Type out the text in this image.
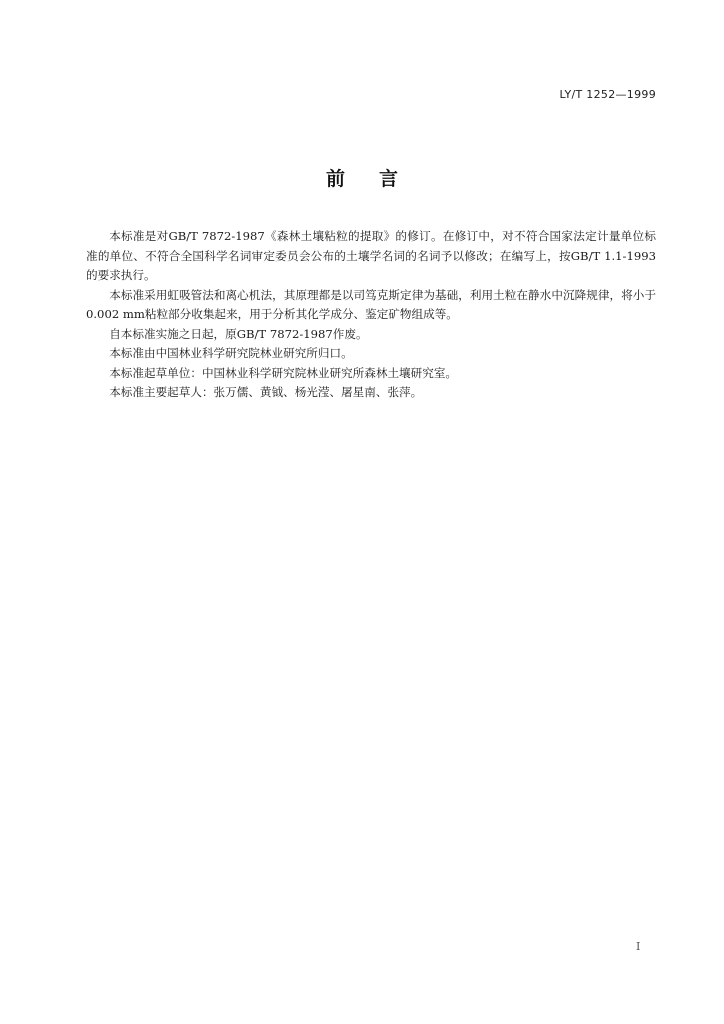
LY/T 1252—1999
前 言

本标准是对GB/T 7872-1987《森林土壤粘粒的提取》的修订。在修订中，对不符合国家法定计量单位标准的单位、不符合全国科学名词审定委员会公布的土壤学名词的名词予以修改；在编写上，按GB/T 1.1-1993的要求执行。

本标准采用虹吸管法和离心机法，其原理都是以司笃克斯定律为基础，利用土粒在静水中沉降规律，将小于0.002 mm粘粒部分收集起来，用于分析其化学成分、鉴定矿物组成等。

自本标准实施之日起，原GB/T 7872-1987作废。

本标准由中国林业科学研究院林业研究所归口。

本标准起草单位：中国林业科学研究院林业研究所森林土壤研究室。

本标准主要起草人：张万儒、黄钺、杨光滢、屠星南、张萍。

I
